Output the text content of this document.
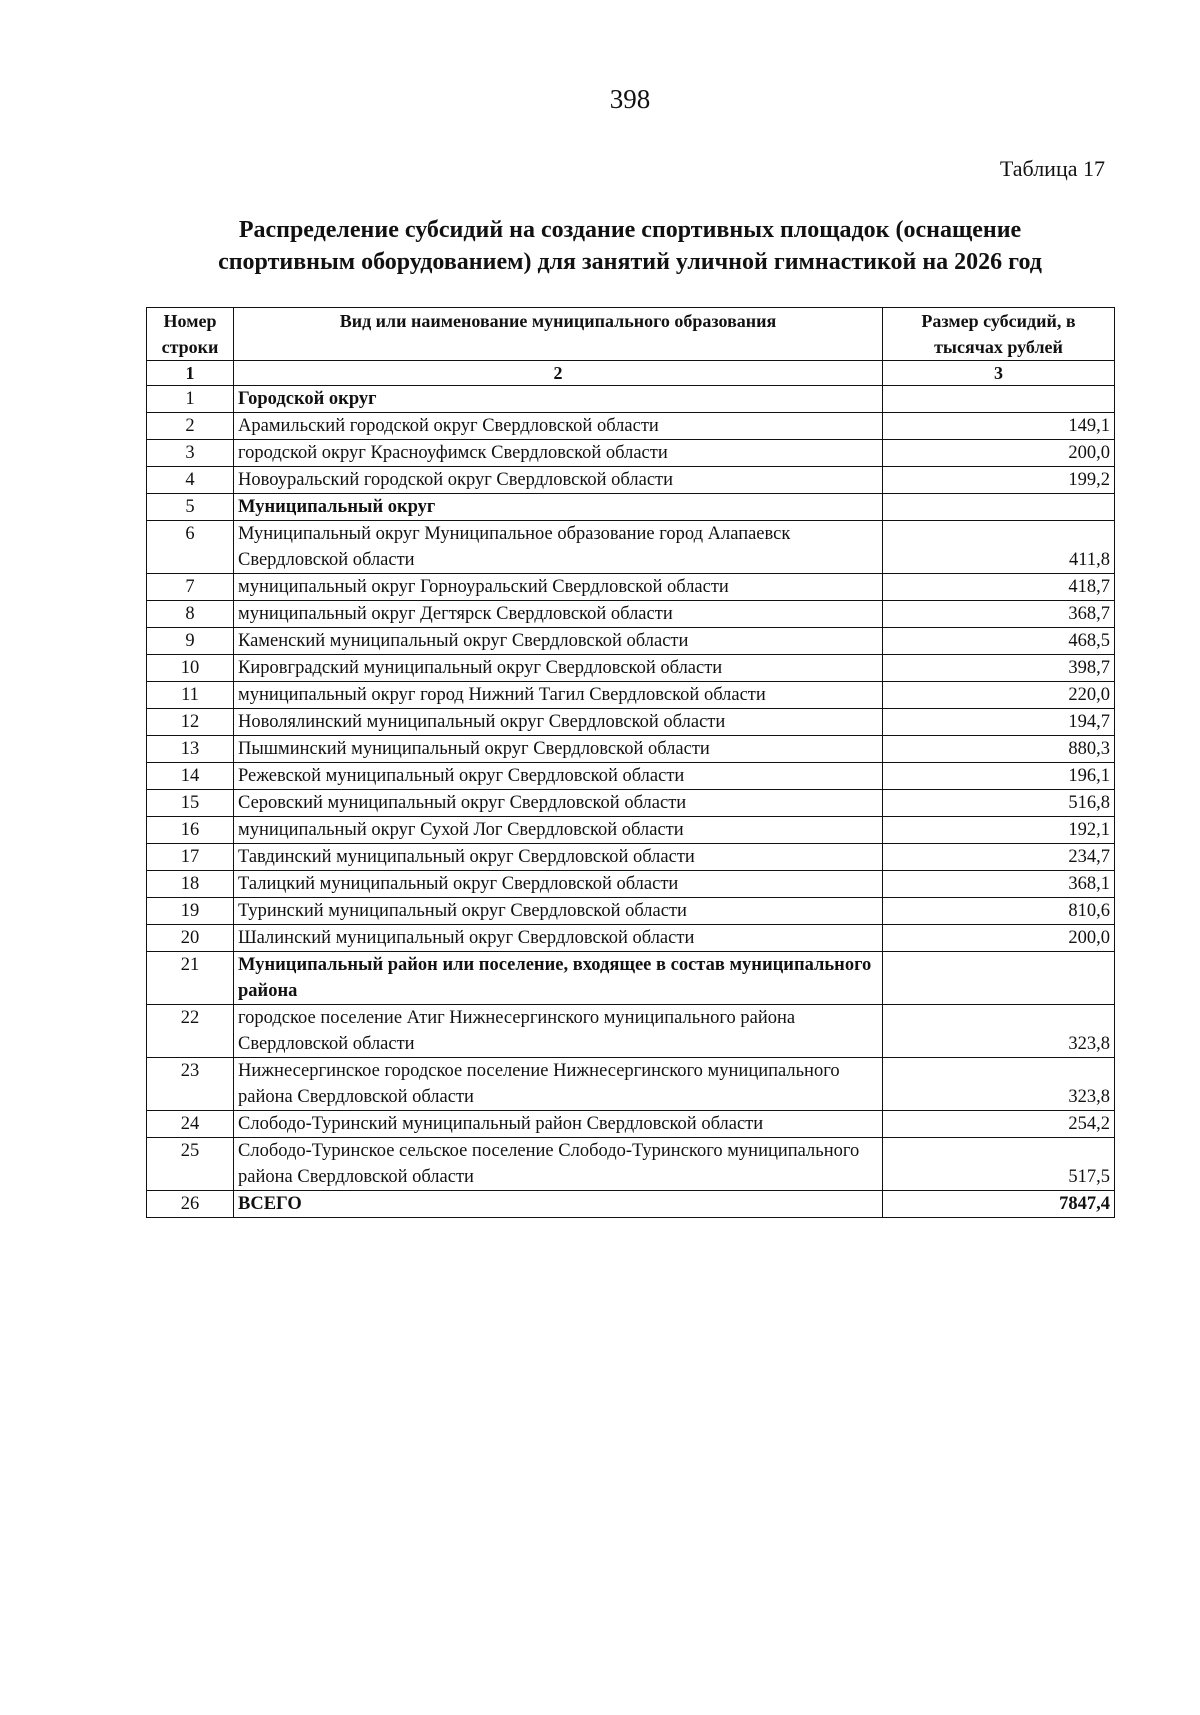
398
Таблица 17
Распределение субсидий на создание спортивных площадок (оснащение
спортивным оборудованием) для занятий уличной гимнастикой на 2026 год
Номер строки	Вид или наименование муниципального образования	Размер субсидий, в тысячах рублей
1	2	3
1	Городской округ	
2	Арамильский городской округ Свердловской области	149,1
3	городской округ Красноуфимск Свердловской области	200,0
4	Новоуральский городской округ Свердловской области	199,2
5	Муниципальный округ	
6	Муниципальный округ Муниципальное образование город Алапаевск Свердловской области	411,8
7	муниципальный округ Горноуральский Свердловской области	418,7
8	муниципальный округ Дегтярск Свердловской области	368,7
9	Каменский муниципальный округ Свердловской области	468,5
10	Кировградский муниципальный округ Свердловской области	398,7
11	муниципальный округ город Нижний Тагил Свердловской области	220,0
12	Новолялинский муниципальный округ Свердловской области	194,7
13	Пышминский муниципальный округ Свердловской области	880,3
14	Режевской муниципальный округ Свердловской области	196,1
15	Серовский муниципальный округ Свердловской области	516,8
16	муниципальный округ Сухой Лог Свердловской области	192,1
17	Тавдинский муниципальный округ Свердловской области	234,7
18	Талицкий муниципальный округ Свердловской области	368,1
19	Туринский муниципальный округ Свердловской области	810,6
20	Шалинский муниципальный округ Свердловской области	200,0
21	Муниципальный район или поселение, входящее в состав муниципального района	
22	городское поселение Атиг Нижнесергинского муниципального района Свердловской области	323,8
23	Нижнесергинское городское поселение Нижнесергинского муниципального района Свердловской области	323,8
24	Слободо-Туринский муниципальный район Свердловской области	254,2
25	Слободо-Туринское сельское поселение Слободо-Туринского муниципального района Свердловской области	517,5
26	ВСЕГО	7847,4
